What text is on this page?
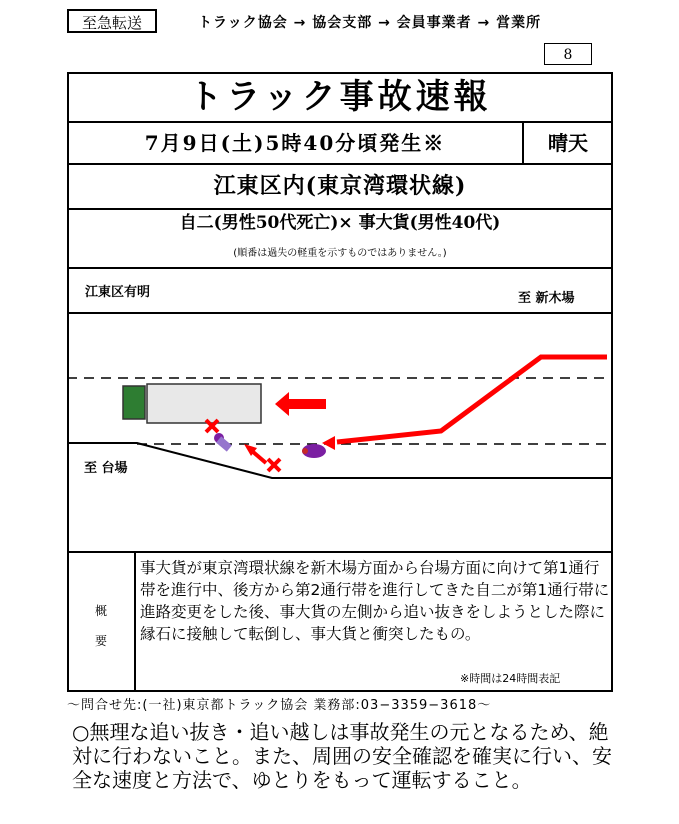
至急転送	トラック協会 → 協会支部 → 会員事業者 → 営業所
8
トラック事故速報
7月9日(土)5時40分頃発生※	晴天
江東区内(東京湾環状線)
自二(男性50代死亡)× 事大貨(男性40代)
(順番は過失の軽重を示すものではありません。)
江東区有明	至 新木場
至 台場
概
要
事大貨が東京湾環状線を新木場方面から台場方面に向けて第1通行帯を進行中、後方から第2通行帯を進行してきた自二が第1通行帯に進路変更をした後、事大貨の左側から追い抜きをしようとした際に縁石に接触して転倒し、事大貨と衝突したもの。
※時間は24時間表記
〜問合せ先:(一社)東京都トラック協会 業務部:03−3359−3618〜
○無理な追い抜き・追い越しは事故発生の元となるため、絶対に行わないこと。また、周囲の安全確認を確実に行い、安全な速度と方法で、ゆとりをもって運転すること。
